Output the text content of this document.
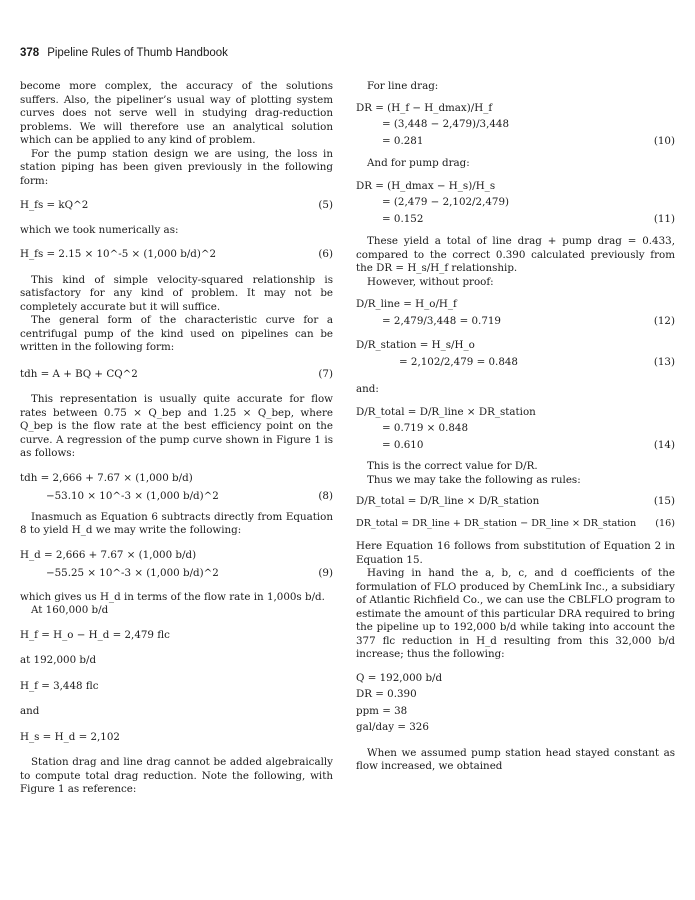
378 Pipeline Rules of Thumb Handbook

become more complex, the accuracy of the solutions suffers. Also, the pipeliner’s usual way of plotting system curves does not serve well in studying drag-reduction problems. We will therefore use an analytical solution which can be applied to any kind of problem.

For the pump station design we are using, the loss in station piping has been given previously in the following form:

H_fs = kQ^2	(5)

which we took numerically as:

H_fs = 2.15 × 10^-5 × (1,000 b/d)^2	(6)

This kind of simple velocity-squared relationship is satisfactory for any kind of problem. It may not be completely accurate but it will suffice.

The general form of the characteristic curve for a centrifugal pump of the kind used on pipelines can be written in the following form:

tdh = A + BQ + CQ^2	(7)

This representation is usually quite accurate for flow rates between 0.75 × Q_bep and 1.25 × Q_bep, where Q_bep is the flow rate at the best efficiency point on the curve. A regression of the pump curve shown in Figure 1 is as follows:

tdh = 2,666 + 7.67 × (1,000 b/d)

−53.10 × 10^-3 × (1,000 b/d)^2	(8)

Inasmuch as Equation 6 subtracts directly from Equation 8 to yield H_d we may write the following:

H_d = 2,666 + 7.67 × (1,000 b/d)

−55.25 × 10^-3 × (1,000 b/d)^2	(9)

which gives us H_d in terms of the flow rate in 1,000s b/d.

At 160,000 b/d

H_f = H_o − H_d = 2,479 flc

at 192,000 b/d

H_f = 3,448 flc

and

H_s = H_d = 2,102

Station drag and line drag cannot be added algebraically to compute total drag reduction. Note the following, with Figure 1 as reference:

For line drag:

DR = (H_f − H_dmax)/H_f

= (3,448 − 2,479)/3,448

= 0.281	(10)

And for pump drag:

DR = (H_dmax − H_s)/H_s

= (2,479 − 2,102/2,479)

= 0.152	(11)

These yield a total of line drag + pump drag = 0.433, compared to the correct 0.390 calculated previously from the DR = H_s/H_f relationship.

However, without proof:

D/R_line = H_o/H_f

= 2,479/3,448 = 0.719	(12)

D/R_station = H_s/H_o

= 2,102/2,479 = 0.848	(13)

and:

D/R_total = D/R_line × DR_station

= 0.719 × 0.848

= 0.610	(14)

This is the correct value for D/R.

Thus we may take the following as rules:

D/R_total = D/R_line × D/R_station	(15)

DR_total = DR_line + DR_station − DR_line × DR_station (16)

Here Equation 16 follows from substitution of Equation 2 in Equation 15.

Having in hand the a, b, c, and d coefficients of the formulation of FLO produced by ChemLink Inc., a subsidiary of Atlantic Richfield Co., we can use the CBLFLO program to estimate the amount of this particular DRA required to bring the pipeline up to 192,000 b/d while taking into account the 377 flc reduction in H_d resulting from this 32,000 b/d increase; thus the following:

Q = 192,000 b/d

DR = 0.390

ppm = 38

gal/day = 326

When we assumed pump station head stayed constant as flow increased, we obtained
